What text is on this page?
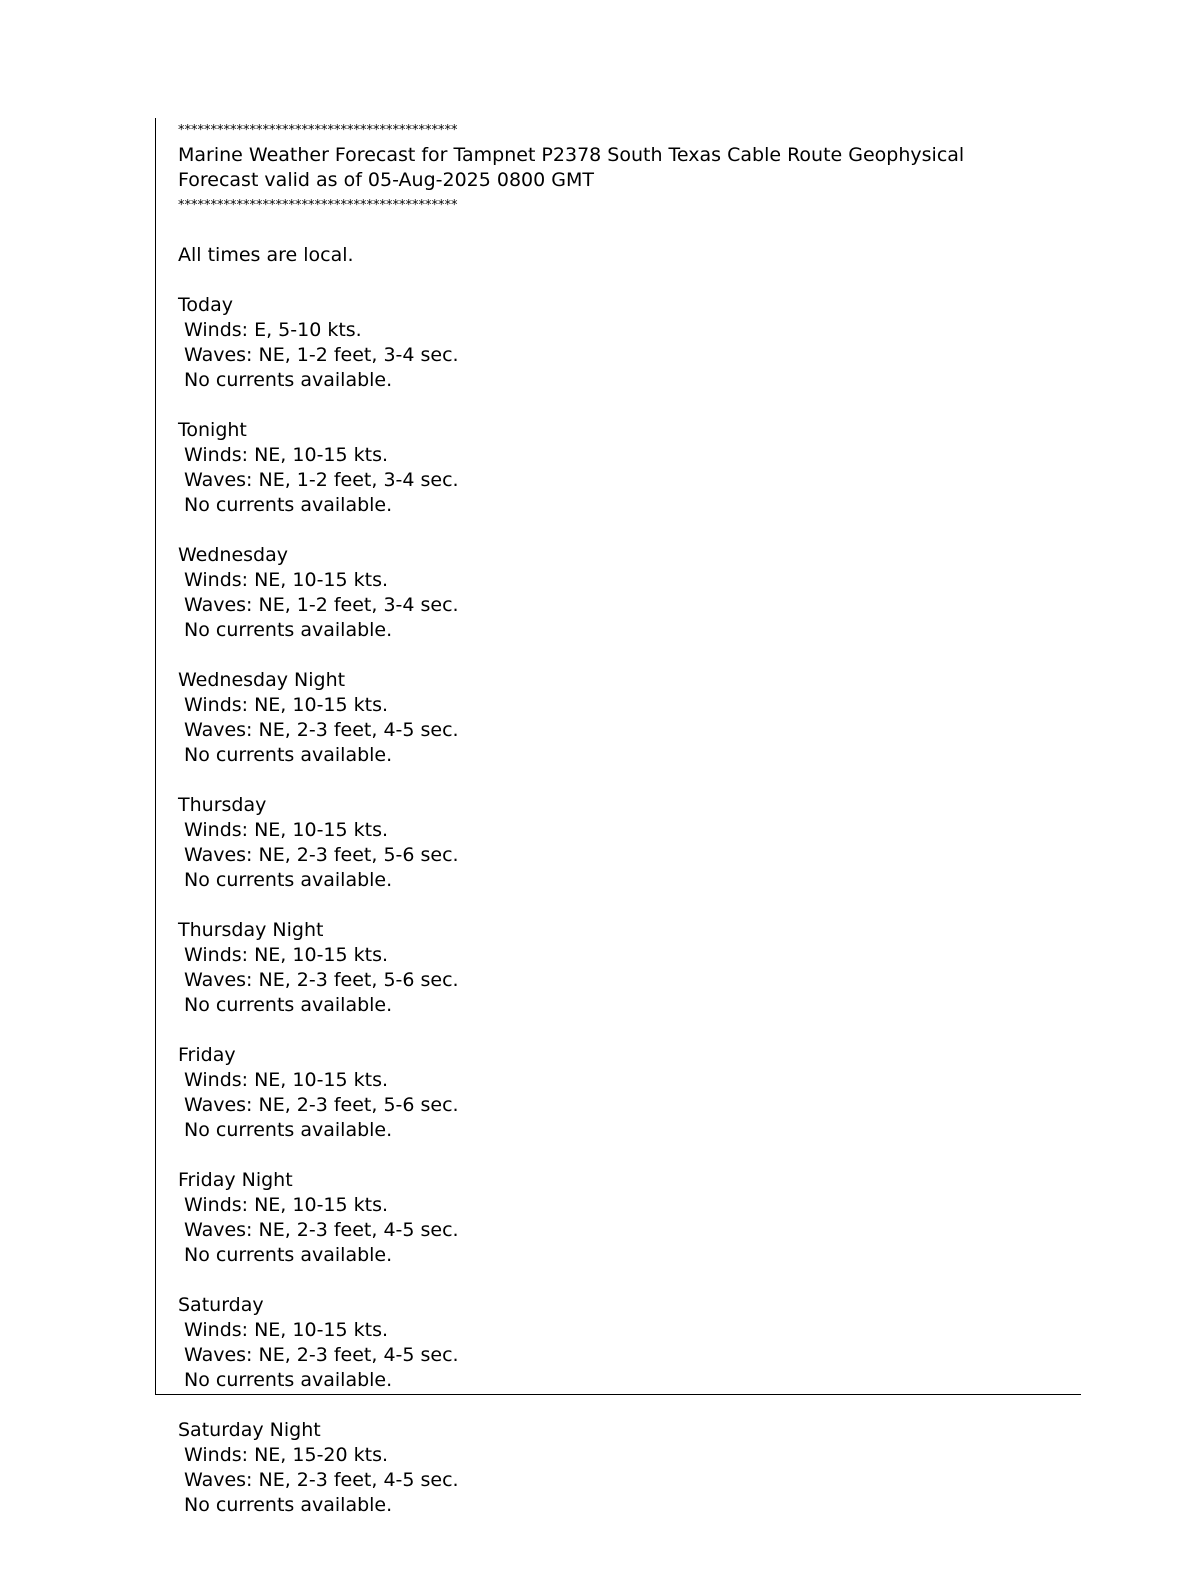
*******************************************
Marine Weather Forecast for Tampnet P2378 South Texas Cable Route Geophysical
Forecast valid as of 05-Aug-2025 0800 GMT
*******************************************
All times are local.
Today
Winds: E, 5-10 kts.
Waves: NE, 1-2 feet, 3-4 sec.
No currents available.
Tonight
Winds: NE, 10-15 kts.
Waves: NE, 1-2 feet, 3-4 sec.
No currents available.
Wednesday
Winds: NE, 10-15 kts.
Waves: NE, 1-2 feet, 3-4 sec.
No currents available.
Wednesday Night
Winds: NE, 10-15 kts.
Waves: NE, 2-3 feet, 4-5 sec.
No currents available.
Thursday
Winds: NE, 10-15 kts.
Waves: NE, 2-3 feet, 5-6 sec.
No currents available.
Thursday Night
Winds: NE, 10-15 kts.
Waves: NE, 2-3 feet, 5-6 sec.
No currents available.
Friday
Winds: NE, 10-15 kts.
Waves: NE, 2-3 feet, 5-6 sec.
No currents available.
Friday Night
Winds: NE, 10-15 kts.
Waves: NE, 2-3 feet, 4-5 sec.
No currents available.
Saturday
Winds: NE, 10-15 kts.
Waves: NE, 2-3 feet, 4-5 sec.
No currents available.
Saturday Night
Winds: NE, 15-20 kts.
Waves: NE, 2-3 feet, 4-5 sec.
No currents available.
